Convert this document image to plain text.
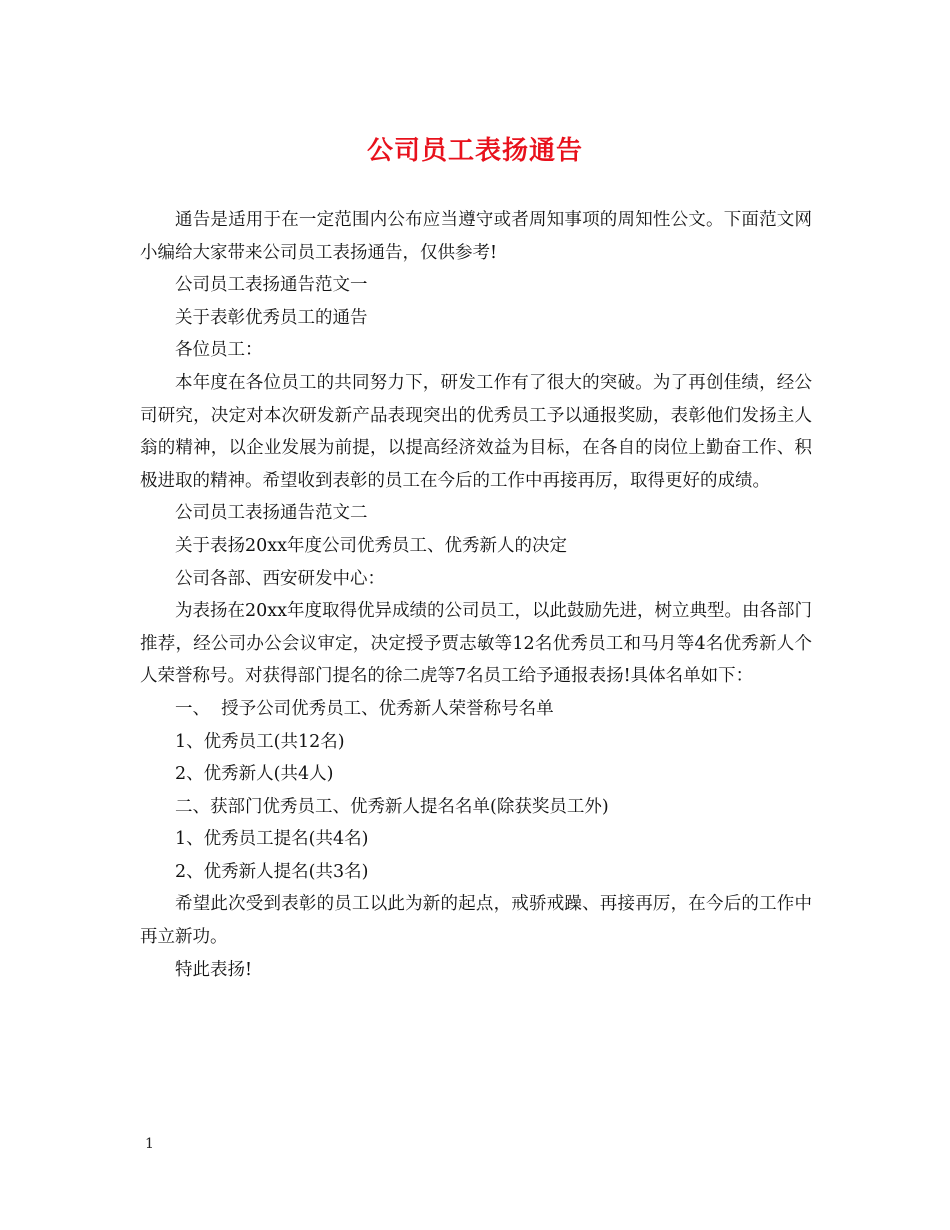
公司员工表扬通告

通告是适用于在一定范围内公布应当遵守或者周知事项的周知性公文。下面范文网小编给大家带来公司员工表扬通告，仅供参考!

公司员工表扬通告范文一

关于表彰优秀员工的通告

各位员工：

本年度在各位员工的共同努力下，研发工作有了很大的突破。为了再创佳绩，经公司研究，决定对本次研发新产品表现突出的优秀员工予以通报奖励，表彰他们发扬主人翁的精神，以企业发展为前提，以提高经济效益为目标，在各自的岗位上勤奋工作、积极进取的精神。希望收到表彰的员工在今后的工作中再接再厉，取得更好的成绩。

公司员工表扬通告范文二

关于表扬20xx年度公司优秀员工、优秀新人的决定

公司各部、西安研发中心：

为表扬在20xx年度取得优异成绩的公司员工，以此鼓励先进，树立典型。由各部门推荐，经公司办公会议审定，决定授予贾志敏等12名优秀员工和马月等4名优秀新人个人荣誉称号。对获得部门提名的徐二虎等7名员工给予通报表扬!具体名单如下：

一、  授予公司优秀员工、优秀新人荣誉称号名单

1、优秀员工(共12名)

2、优秀新人(共4人)

二、获部门优秀员工、优秀新人提名名单(除获奖员工外)

1、优秀员工提名(共4名)

2、优秀新人提名(共3名)

希望此次受到表彰的员工以此为新的起点，戒骄戒躁、再接再厉，在今后的工作中再立新功。

特此表扬!

1
